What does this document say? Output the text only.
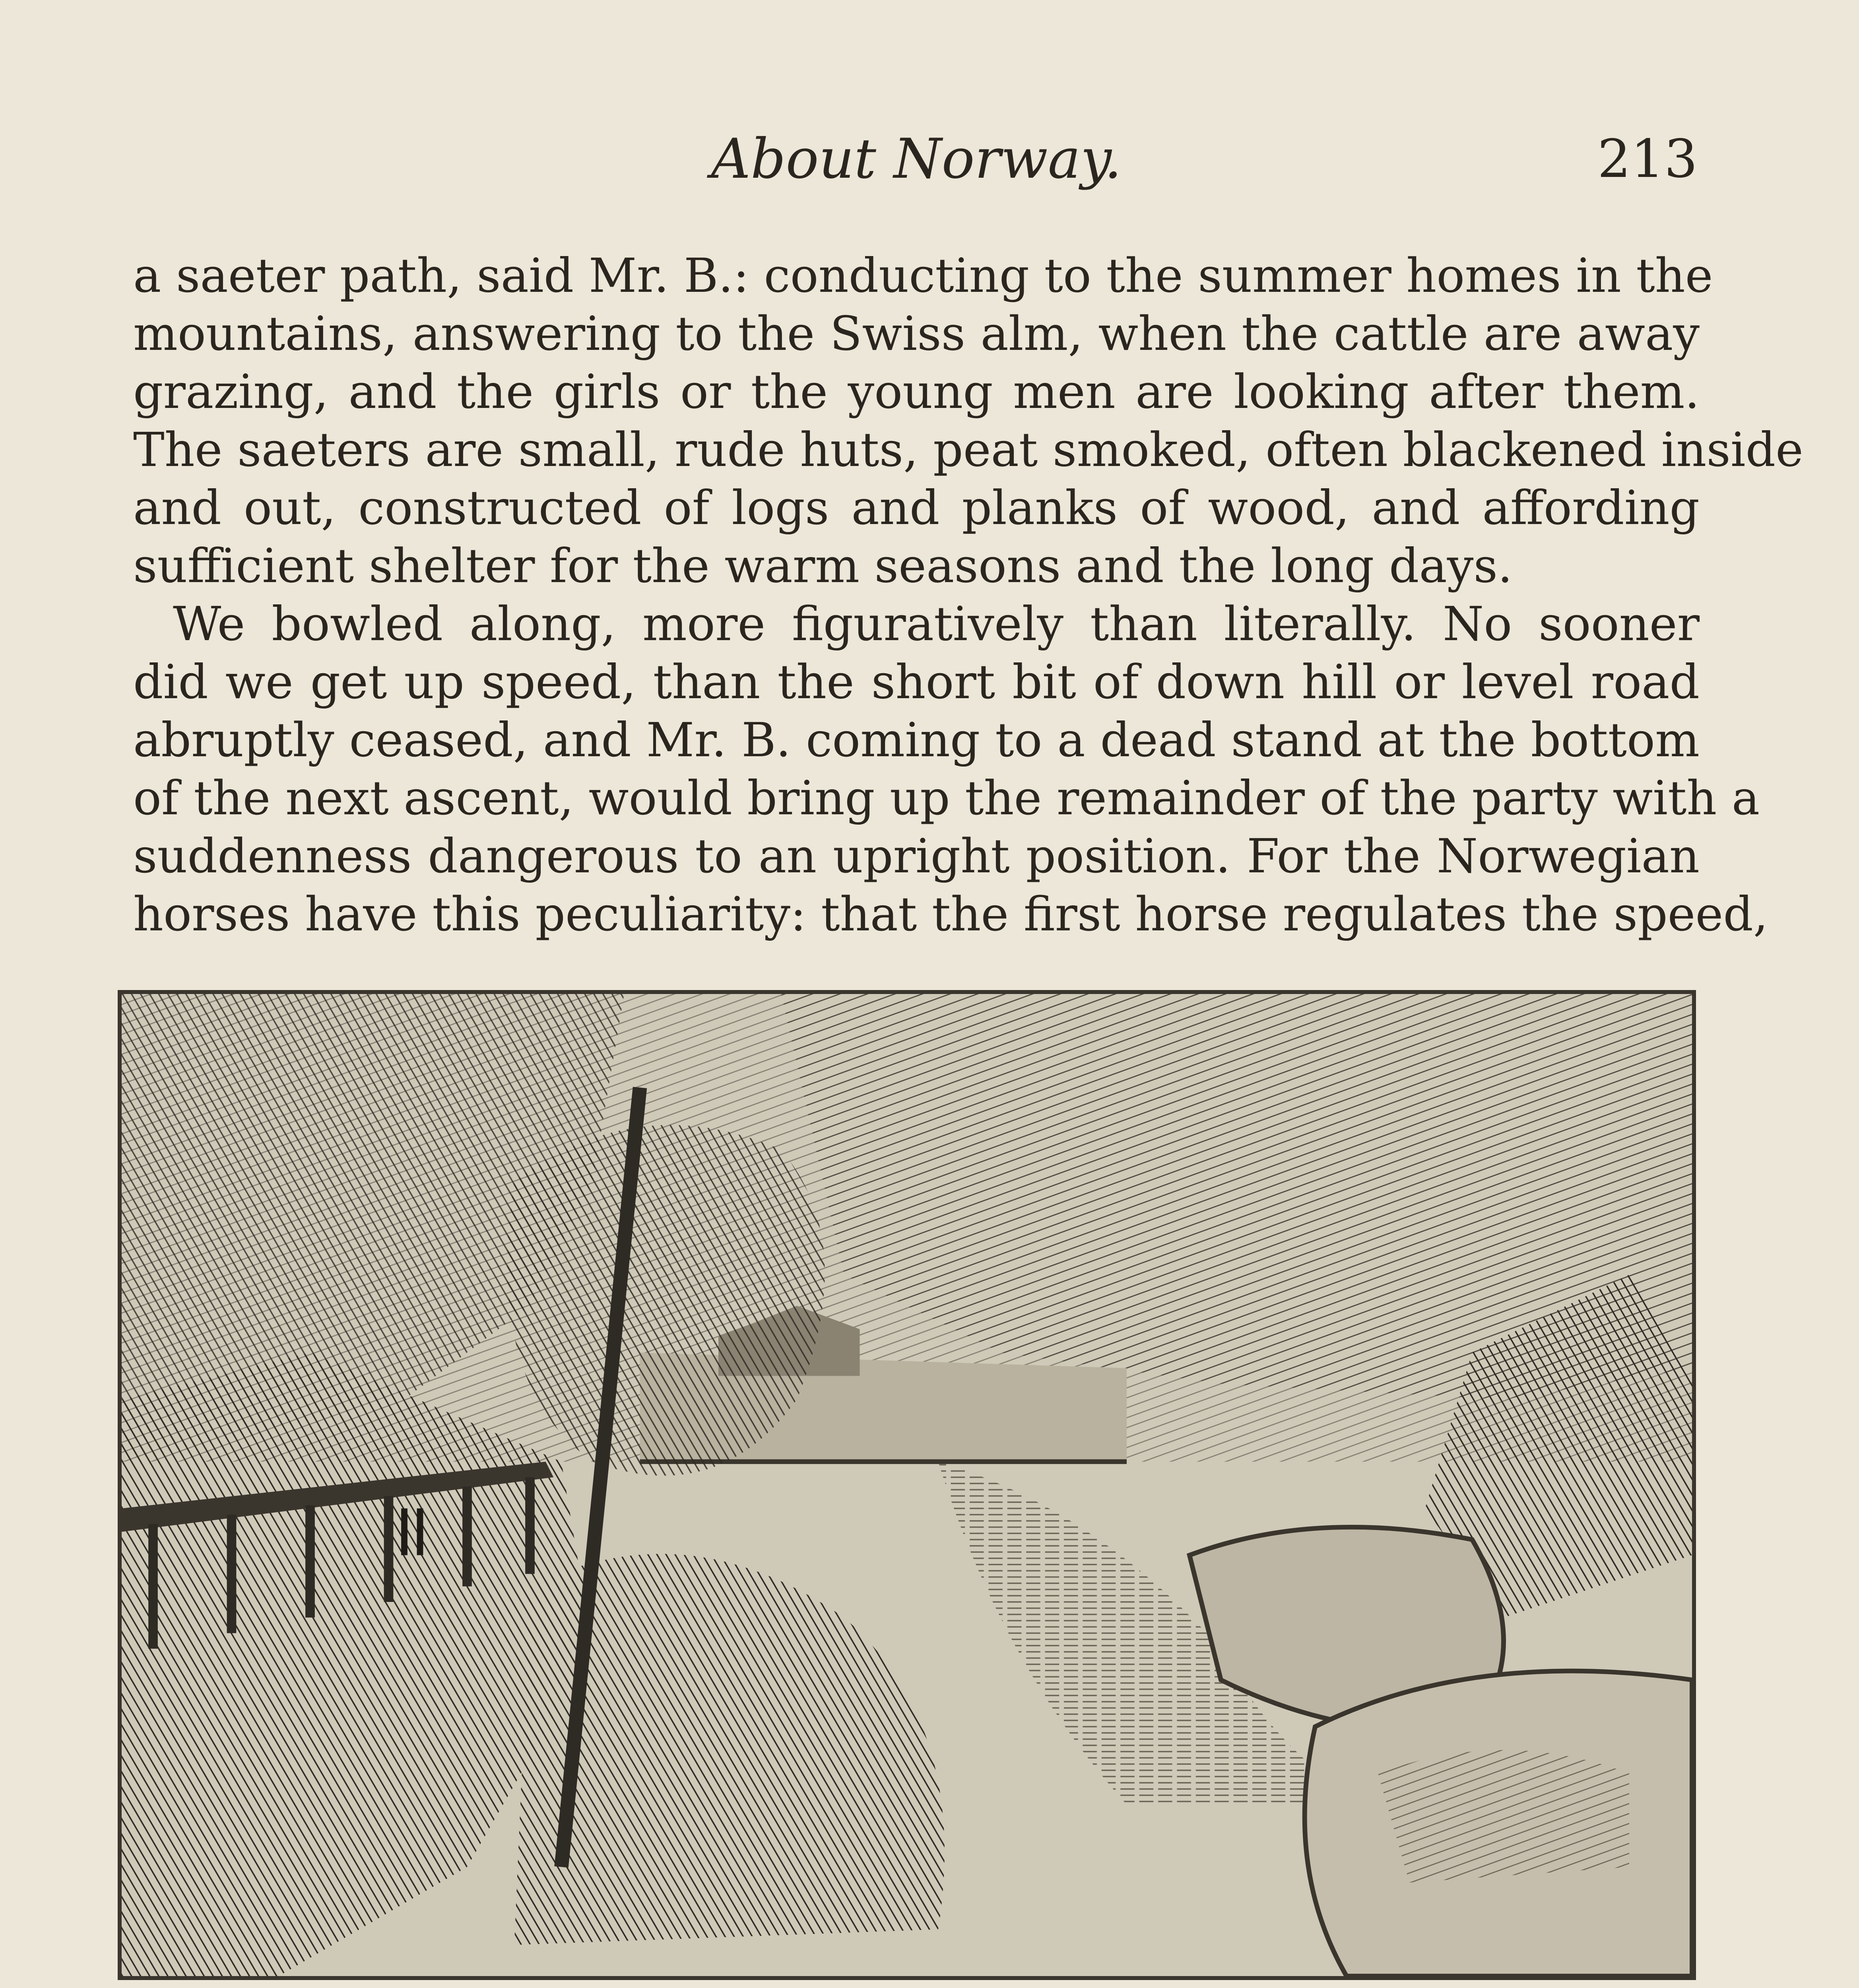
About Norway.	213
a saeter path, said Mr. B.: conducting to the summer homes in the
mountains, answering to the Swiss alm, when the cattle are away
grazing, and the girls or the young men are looking after them.
The saeters are small, rude huts, peat smoked, often blackened inside
and out, constructed of logs and planks of wood, and affording
sufficient shelter for the warm seasons and the long days.
We bowled along, more figuratively than literally. No sooner
did we get up speed, than the short bit of down hill or level road
abruptly ceased, and Mr. B. coming to a dead stand at the bottom
of the next ascent, would bring up the remainder of the party with a
suddenness dangerous to an upright position. For the Norwegian
horses have this peculiarity: that the first horse regulates the speed,
